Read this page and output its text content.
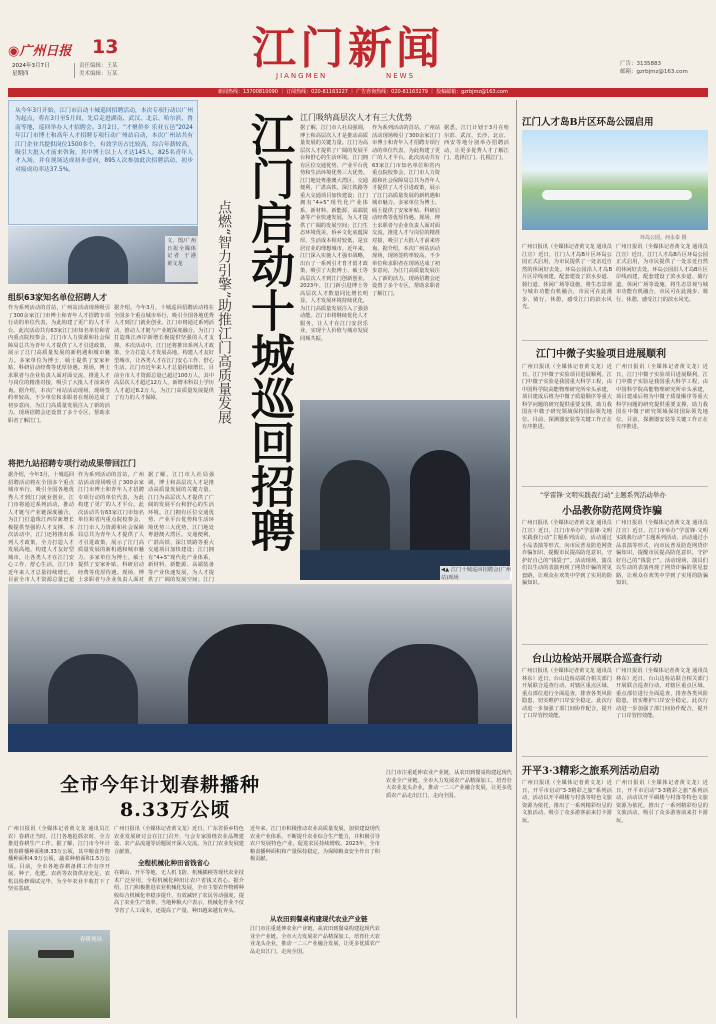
◉广州日报 13
2024年3月7日
星期四
责任编辑：王某
美术编辑：万某	江门新闻
JIANGMEN	NEWS
广告：3135883
邮箱：gzrbjmz@163.com
新闻热线：13700810090 ｜ 订阅热线：020-81163227 ｜ 广告咨询热线：020-81163279 ｜ 投稿邮箱：gzrbjmz@163.com
从今年3月开始，江门市启动十城巡回招聘活动，本次专项行动以广州为起点，将在3月至5月间，先后走进湖南、武汉、北京、哈尔滨、鲁南等地，巡回举办人才招聘会。3月2日，“才聚侨乡 乐业五邑”2024年江门市博士和高年人才招聘专项行动广州站启动，本次广州站共有江门企业共提供岗位1500多个，有效学历占比较高，综合年薪较高，吸引大批人才前来咨询，其中博士以上人才达145人，825名青年人才入场，并在现场达成初步意向，895人次参加此次招聘活动，初步对接成功率达37.5%。
文、图/广州日报全媒体记者 于港 黄文龙	江门启动十城巡回招聘
点燃“智力引擎”助推江门高质量发展
组织63家知名单位招聘人才
作为系列活动的首站，广州站活动现场吸引了300余家江门市博士和青年人才招聘专项行动的单位代表，为此构建了更广的人才平台。此次活动共有63家江门市知名单位和省内重点院校参会，江门市人力资源和社会保障局总共为青年人才提供了人才引进政策，展示了江门高质量发展的新机遇和城市魅力。多家单位为博士、硕士提供了安家补贴、科研启动经费等优厚待遇。现场，博士求职者与企业负责人面对面交流，推进人才与岗位的精准对接，吸引了大批人才前来咨询。据介绍，本次广州站活动现场，现场签约率较高，不少单位和求职者在现场达成了初步意向，为江门高质量发展注入了新的活力。现场招聘会还设置了多个专区，帮助求职者了解江门。
据介绍，今年3月，十城巡回招聘活动将在全国多个重点城市举行，吸引全国各地优秀人才到江门就业创业。江门市将通过系列活动，推动人才链与产业链深度融合，为江门打造珠江西岸新增长极提供坚强的人才支撑。本次活动中，江门还将推出系列人才政策，全力打造人才发展高地，构建人才友好型城市，让各类人才在江门安心工作、舒心生活。江门市近年来人才总量持续增长，目前全市人才资源总量已超过100万人，其中高层次人才超过12万人，新增本科以上学历人才超过8.2万人，为江门高质量发展提供了有力的人才保障。
将把九站招聘专项行动成果带回江门
据介绍，今年3月，十城巡回招聘活动将在全国多个重点城市举行，吸引全国各地优秀人才到江门就业创业。江门市将通过系列活动，推动人才链与产业链深度融合，为江门打造珠江西岸新增长极提供坚强的人才支撑。本次活动中，江门还将推出系列人才政策，全力打造人才发展高地，构建人才友好型城市，让各类人才在江门安心工作、舒心生活。江门市近年来人才总量持续增长，目前全市人才资源总量已超
作为系列活动的首站，广州站活动现场吸引了300余家江门市博士和青年人才招聘专项行动的单位代表，为此构建了更广的人才平台。此次活动共有63家江门市知名单位和省内重点院校参会，江门市人力资源和社会保障局总共为青年人才提供了人才引进政策，展示了江门高质量发展的新机遇和城市魅力。多家单位为博士、硕士提供了安家补贴、科研启动经费等优厚待遇。现场，博士求职者与企业负责人面对
据了解，江门市人社局强调，博士和高层次人才是推动高质量发展的关键力量。江门为高层次人才提供了广阔的发展平台和舒心的生活环境。江门拥有区位交通优势、产业平台优势和生活环境优势三大优势。江门地处粤港澳大湾区，交通便利，广湛高铁、深江铁路等重大交通项目加快建设；江门拥有“4+5”现代化产业体系，新材料、新能源、高端装备等产业快速发展，为人才提供了广阔的发展空间；江门
江门吸纳高层次人才有三大优势
据了解，江门市人社局强调，博士和高层次人才是推动高质量发展的关键力量。江门为高层次人才提供了广阔的发展平台和舒心的生活环境。江门拥有区位交通优势、产业平台优势和生活环境优势三大优势。江门地处粤港澳大湾区，交通便利，广湛高铁、深江铁路等重大交通项目加快建设；江门拥有“4+5”现代化产业体系，新材料、新能源、高端装备等产业快速发展，为人才提供了广阔的发展空间；江门生态环境优美，侨乡文化底蕴深厚，生活成本相对较低，是宜居宜业的理想城市。近年来，江门深入实施人才强市战略，出台了一系列引才育才留才政策，吸引了大批博士、硕士等高层次人才到江门创新创业。2023年，江门新引进博士等高层次人才数量同比增长明显，人才发展环境持续优化，为江门高质量发展注入了强劲动能。江门市将继续优化人才服务，让人才在江门安居乐业，实现个人价值与城市发展同频共振。
作为系列活动的首站，广州站活动现场吸引了300余家江门市博士和青年人才招聘专项行动的单位代表，为此构建了更广的人才平台。此次活动共有63家江门市知名单位和省内重点院校参会，江门市人力资源和社会保障局总共为青年人才提供了人才引进政策，展示了江门高质量发展的新机遇和城市魅力。多家单位为博士、硕士提供了安家补贴、科研启动经费等优厚待遇。现场，博士求职者与企业负责人面对面交流，推进人才与岗位的精准对接，吸引了大批人才前来咨询。据介绍，本次广州站活动现场，现场签约率较高，不少单位和求职者在现场达成了初步意向，为江门高质量发展注入了新的活力。现场招聘会还设置了多个专区，帮助求职者了解江门。
据悉，江门计划于3月在哈尔滨、武汉、长沙、北京、西安等地分别举办招聘活动，让更多优秀人才了解江门、选择江门、扎根江门。
◀▲ 江门十城巡回招聘会(广州站)现场
全市今年计划春耕播种
8.33万公顷
广州日报讯（全媒体记者黄文龙 通讯员江农）春耕正当时，江门各地抢抓农时，全力推进春耕生产工作。据了解，江门市今年计划春耕播种面积8.33万公顷，其中粮食作物播种面积4.9万公顷，蔬菜种植面积1.5万公顷。目前，全市各地春耕备耕工作有序开展，种子、化肥、农药等农资供应充足，农机具检修调试完毕，为全年农业丰收打下了坚实基础。
春耕现场
广州日报讯（全媒体记者黄文龙）近日，广东省侨乡特色农业发展研讨会在江门召开，与会专家围绕农业品牌建设、农产品流通等话题展开深入交流，为江门农业发展建言献策。
全程机械化种田省钱省心
在鹤山、开平等地，无人机飞防、机械插秧等现代农业技术广泛应用，全程机械化种田让农户省钱又省心。据介绍，江门积极推进农业机械化发展，全市主要农作物耕种收综合机械化率稳步提升，有效减轻了农民劳动强度，提高了农业生产效率。当地种粮大户表示，机械化作业不仅节省了人工成本，还提高了产量，种田越来越有奔头。
近年来，江门市积极推动农业高质量发展，加快建设现代农业产业体系，不断提升农业综合生产能力，并积极引导农户发展特色产业，促进农民持续增收。2023年，全市粮食播种面积和产量保持稳定，为保障粮食安全作出了积极贡献。
从农田到餐桌构建现代农业产业链
江门市注重延伸农业产业链，从农田到餐桌构建起现代农业全产业链。全市大力发展农产品精深加工，培育壮大农业龙头企业，推动一二三产业融合发展，让更多优质农产品走出江门、走向全国。
江门市注重延伸农业产业链，从农田到餐桌构建起现代农业全产业链。全市大力发展农产品精深加工，培育壮大农业龙头企业，推动一二三产业融合发展，让更多优质农产品走出江门、走向全国。
江门人才岛B片区环岛公园启用
环岛公园。何永泰 摄
广州日报讯（全媒体记者黄文龙 通讯员江宣）近日，江门人才岛B片区环岛公园正式启用，为市民提供了一处亲近自然的休闲好去处。环岛公园沿人才岛B片区岸线而建，配套建设了滨水步道、骑行道、休闲广场等设施，将生态景观与城市功能有机融合，市民可在此漫步、骑行、休憩，感受江门的滨水风光。
广州日报讯（全媒体记者黄文龙 通讯员江宣）近日，江门人才岛B片区环岛公园正式启用，为市民提供了一处亲近自然的休闲好去处。环岛公园沿人才岛B片区岸线而建，配套建设了滨水步道、骑行道、休闲广场等设施，将生态景观与城市功能有机融合，市民可在此漫步、骑行、休憩，感受江门的滨水风光。
江门中微子实验项目进展顺利
广州日报讯（全媒体记者黄文龙）近日，江门中微子实验项目进展顺利。江门中微子实验是我国重大科学工程，由中国科学院高能物理研究所牵头承建，项目建成后将为中微子质量顺序等重大科学问题的研究提供重要支撑，助力我国在中微子研究领域保持国际领先地位。目前，探测器安装等关键工作正在有序推进。
广州日报讯（全媒体记者黄文龙）近日，江门中微子实验项目进展顺利。江门中微子实验是我国重大科学工程，由中国科学院高能物理研究所牵头承建，项目建成后将为中微子质量顺序等重大科学问题的研究提供重要支撑，助力我国在中微子研究领域保持国际领先地位。目前，探测器安装等关键工作正在有序推进。
“学雷锋·文明实践我行动”主题系列活动举办
小品教你防范网贷诈骗
广州日报讯（全媒体记者黄文龙 通讯员江宣）近日，江门市举办“学雷锋·文明实践我行动”主题系列活动，活动通过小品表演等形式，向市民普及防范网贷诈骗知识，提醒市民提高防范意识，守护好自己的“钱袋子”。活动现场，演员们以生动的表演再现了网贷诈骗的常见套路，让观众在欢笑中学到了实用的防骗知识。
广州日报讯（全媒体记者黄文龙 通讯员江宣）近日，江门市举办“学雷锋·文明实践我行动”主题系列活动，活动通过小品表演等形式，向市民普及防范网贷诈骗知识，提醒市民提高防范意识，守护好自己的“钱袋子”。活动现场，演员们以生动的表演再现了网贷诈骗的常见套路，让观众在欢笑中学到了实用的防骗知识。
台山边检站开展联合巡查行动
广州日报讯（全媒体记者黄文龙 通讯员林东）近日，台山边检站联合相关部门开展联合巡查行动，对辖区重点区域、重点部位进行全面巡查，排查各类风险隐患，切实维护口岸安全稳定。此次行动进一步加强了部门间协作配合，提升了口岸管控效能。
广州日报讯（全媒体记者黄文龙 通讯员林东）近日，台山边检站联合相关部门开展联合巡查行动，对辖区重点区域、重点部位进行全面巡查，排查各类风险隐患，切实维护口岸安全稳定。此次行动进一步加强了部门间协作配合，提升了口岸管控效能。
开平3·3精彩之旅系列活动启动
广州日报讯（全媒体记者黄文龙）近日，开平市启动“3·3精彩之旅”系列活动，活动以开平碉楼与村落等特色文旅资源为依托，推出了一系列精彩纷呈的文旅活动，吸引了众多游客前来打卡游玩。
广州日报讯（全媒体记者黄文龙）近日，开平市启动“3·3精彩之旅”系列活动，活动以开平碉楼与村落等特色文旅资源为依托，推出了一系列精彩纷呈的文旅活动，吸引了众多游客前来打卡游玩。
